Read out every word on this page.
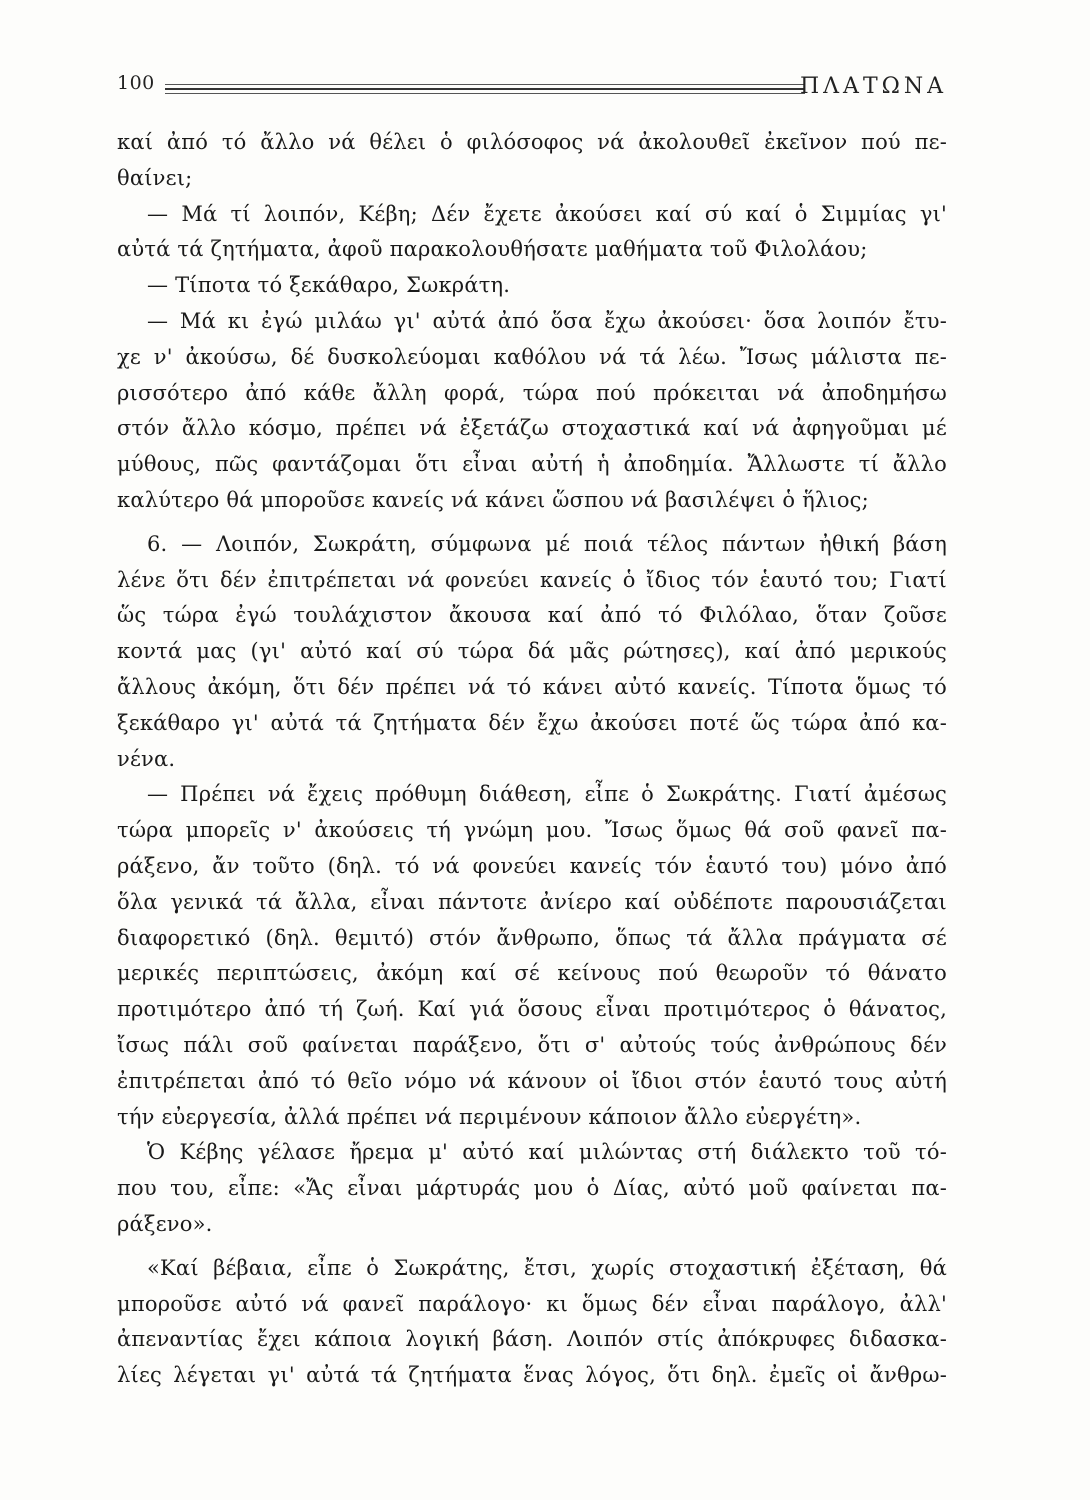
100	ΠΛΑΤΩΝΑ
καί ἀπό τό ἄλλο νά θέλει ὁ φιλόσοφος νά ἀκολουθεῖ ἐκεῖνον πού πε-
θαίνει;
— Μά τί λοιπόν, Κέβη; Δέν ἔχετε ἀκούσει καί σύ καί ὁ Σιμμίας γι'
αὐτά τά ζητήματα, ἀφοῦ παρακολουθήσατε μαθήματα τοῦ Φιλολάου;
— Τίποτα τό ξεκάθαρο, Σωκράτη.
— Μά κι ἐγώ μιλάω γι' αὐτά ἀπό ὅσα ἔχω ἀκούσει· ὅσα λοιπόν ἔτυ-
χε ν' ἀκούσω, δέ δυσκολεύομαι καθόλου νά τά λέω. Ἴσως μάλιστα πε-
ρισσότερο ἀπό κάθε ἄλλη φορά, τώρα πού πρόκειται νά ἀποδημήσω
στόν ἄλλο κόσμο, πρέπει νά ἐξετάζω στοχαστικά καί νά ἀφηγοῦμαι μέ
μύθους, πῶς φαντάζομαι ὅτι εἶναι αὐτή ἡ ἀποδημία. Ἄλλωστε τί ἄλλο
καλύτερο θά μποροῦσε κανείς νά κάνει ὥσπου νά βασιλέψει ὁ ἥλιος;
6. — Λοιπόν, Σωκράτη, σύμφωνα μέ ποιά τέλος πάντων ἠθική βάση
λένε ὅτι δέν ἐπιτρέπεται νά φονεύει κανείς ὁ ἴδιος τόν ἑαυτό του; Γιατί
ὥς τώρα ἐγώ τουλάχιστον ἄκουσα καί ἀπό τό Φιλόλαο, ὅταν ζοῦσε
κοντά μας (γι' αὐτό καί σύ τώρα δά μᾶς ρώτησες), καί ἀπό μερικούς
ἄλλους ἀκόμη, ὅτι δέν πρέπει νά τό κάνει αὐτό κανείς. Τίποτα ὅμως τό
ξεκάθαρο γι' αὐτά τά ζητήματα δέν ἔχω ἀκούσει ποτέ ὥς τώρα ἀπό κα-
νένα.
— Πρέπει νά ἔχεις πρόθυμη διάθεση, εἶπε ὁ Σωκράτης. Γιατί ἀμέσως
τώρα μπορεῖς ν' ἀκούσεις τή γνώμη μου. Ἴσως ὅμως θά σοῦ φανεῖ πα-
ράξενο, ἄν τοῦτο (δηλ. τό νά φονεύει κανείς τόν ἑαυτό του) μόνο ἀπό
ὅλα γενικά τά ἄλλα, εἶναι πάντοτε ἀνίερο καί οὐδέποτε παρουσιάζεται
διαφορετικό (δηλ. θεμιτό) στόν ἄνθρωπο, ὅπως τά ἄλλα πράγματα σέ
μερικές περιπτώσεις, ἀκόμη καί σέ κείνους πού θεωροῦν τό θάνατο
προτιμότερο ἀπό τή ζωή. Καί γιά ὅσους εἶναι προτιμότερος ὁ θάνατος,
ἴσως πάλι σοῦ φαίνεται παράξενο, ὅτι σ' αὐτούς τούς ἀνθρώπους δέν
ἐπιτρέπεται ἀπό τό θεῖο νόμο νά κάνουν οἱ ἴδιοι στόν ἑαυτό τους αὐτή
τήν εὐεργεσία, ἀλλά πρέπει νά περιμένουν κάποιον ἄλλο εὐεργέτη».
Ὁ Κέβης γέλασε ἤρεμα μ' αὐτό καί μιλώντας στή διάλεκτο τοῦ τό-
που του, εἶπε: «Ἄς εἶναι μάρτυράς μου ὁ Δίας, αὐτό μοῦ φαίνεται πα-
ράξενο».
«Καί βέβαια, εἶπε ὁ Σωκράτης, ἔτσι, χωρίς στοχαστική ἐξέταση, θά
μποροῦσε αὐτό νά φανεῖ παράλογο· κι ὅμως δέν εἶναι παράλογο, ἀλλ'
ἀπεναντίας ἔχει κάποια λογική βάση. Λοιπόν στίς ἀπόκρυφες διδασκα-
λίες λέγεται γι' αὐτά τά ζητήματα ἕνας λόγος, ὅτι δηλ. ἐμεῖς οἱ ἄνθρω-
